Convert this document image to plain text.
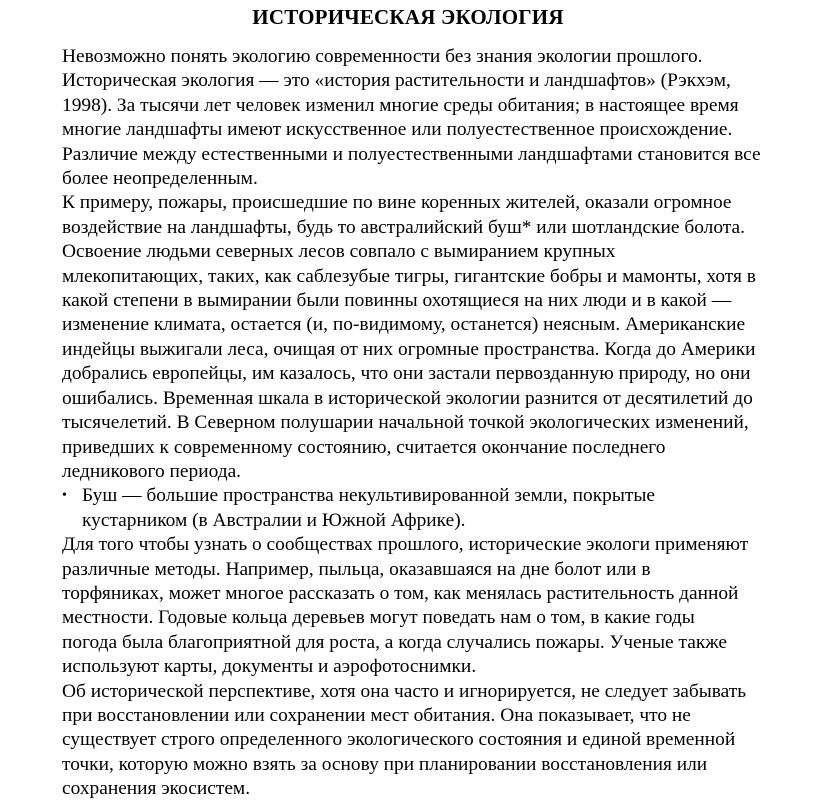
ИСТОРИЧЕСКАЯ ЭКОЛОГИЯ
Невозможно понять экологию современности без знания экологии прошлого.
Историческая экология — это «история растительности и ландшафтов» (Рэкхэм,
1998). За тысячи лет человек изменил многие среды обитания; в настоящее время
многие ландшафты имеют искусственное или полуестественное происхождение.
Различие между естественными и полуестественными ландшафтами становится все
более неопределенным.
К примеру, пожары, происшедшие по вине коренных жителей, оказали огромное
воздействие на ландшафты, будь то австралийский буш* или шотландские болота.
Освоение людьми северных лесов совпало с вымиранием крупных
млекопитающих, таких, как саблезубые тигры, гигантские бобры и мамонты, хотя в
какой степени в вымирании были повинны охотящиеся на них люди и в какой —
изменение климата, остается (и, по-видимому, останется) неясным. Американские
индейцы выжигали леса, очищая от них огромные пространства. Когда до Америки
добрались европейцы, им казалось, что они застали первозданную природу, но они
ошибались. Временная шкала в исторической экологии разнится от десятилетий до
тысячелетий. В Северном полушарии начальной точкой экологических изменений,
приведших к современному состоянию, считается окончание последнего
ледникового периода.
• Буш — большие пространства некультивированной земли, покрытые
кустарником (в Австралии и Южной Африке).
Для того чтобы узнать о сообществах прошлого, исторические экологи применяют
различные методы. Например, пыльца, оказавшаяся на дне болот или в
торфяниках, может многое рассказать о том, как менялась растительность данной
местности. Годовые кольца деревьев могут поведать нам о том, в какие годы
погода была благоприятной для роста, а когда случались пожары. Ученые также
используют карты, документы и аэрофотоснимки.
Об исторической перспективе, хотя она часто и игнорируется, не следует забывать
при восстановлении или сохранении мест обитания. Она показывает, что не
существует строго определенного экологического состояния и единой временной
точки, которую можно взять за основу при планировании восстановления или
сохранения экосистем.
